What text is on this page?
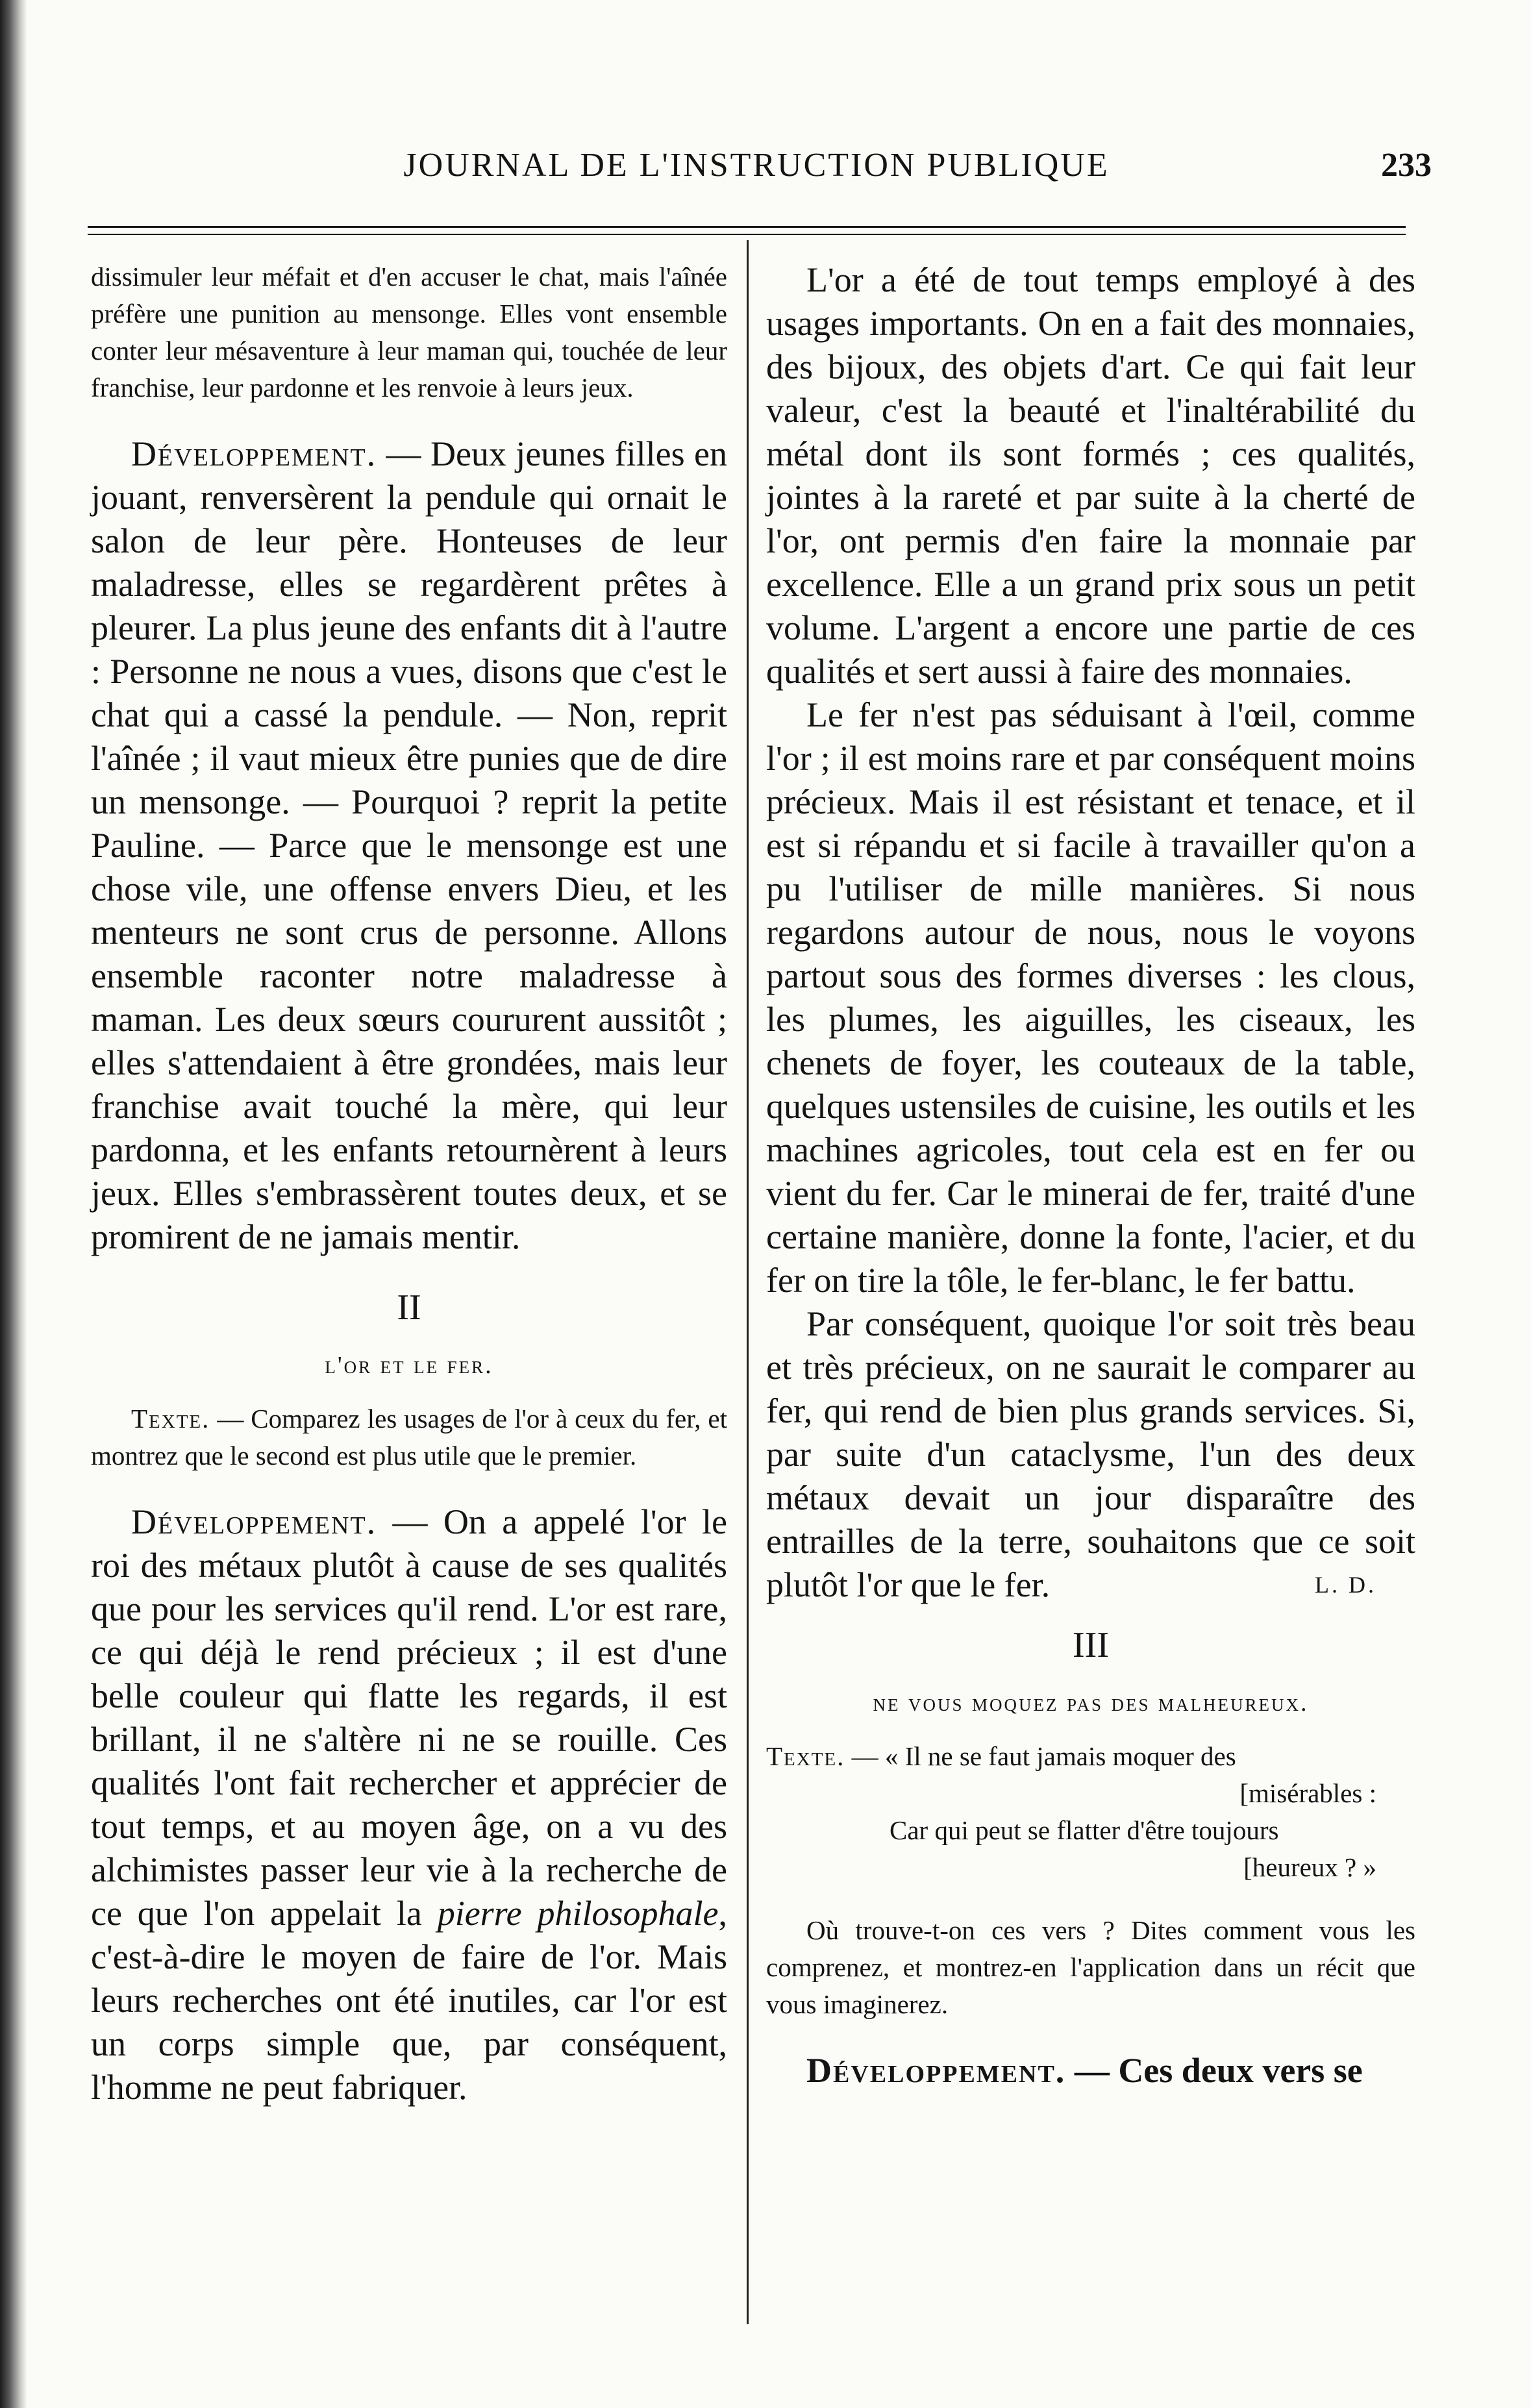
JOURNAL DE L'INSTRUCTION PUBLIQUE	233

dissimuler leur méfait et d'en accuser le chat, mais l'aînée préfère une punition au mensonge. Elles vont ensemble conter leur mésaventure à leur maman qui, touchée de leur franchise, leur pardonne et les renvoie à leurs jeux.

Développement. — Deux jeunes filles en jouant, renversèrent la pendule qui ornait le salon de leur père. Honteuses de leur maladresse, elles se regardèrent prêtes à pleurer. La plus jeune des enfants dit à l'autre : Personne ne nous a vues, disons que c'est le chat qui a cassé la pendule. — Non, reprit l'aînée ; il vaut mieux être punies que de dire un mensonge. — Pourquoi ? reprit la petite Pauline. — Parce que le mensonge est une chose vile, une offense envers Dieu, et les menteurs ne sont crus de personne. Allons ensemble raconter notre maladresse à maman. Les deux sœurs coururent aussitôt ; elles s'attendaient à être grondées, mais leur franchise avait touché la mère, qui leur pardonna, et les enfants retournèrent à leurs jeux. Elles s'embrassèrent toutes deux, et se promirent de ne jamais mentir.

II

l'or et le fer.

Texte. — Comparez les usages de l'or à ceux du fer, et montrez que le second est plus utile que le premier.

Développement. — On a appelé l'or le roi des métaux plutôt à cause de ses qualités que pour les services qu'il rend. L'or est rare, ce qui déjà le rend précieux ; il est d'une belle couleur qui flatte les regards, il est brillant, il ne s'altère ni ne se rouille. Ces qualités l'ont fait rechercher et apprécier de tout temps, et au moyen âge, on a vu des alchimistes passer leur vie à la recherche de ce que l'on appelait la pierre philosophale, c'est-à-dire le moyen de faire de l'or. Mais leurs recherches ont été inutiles, car l'or est un corps simple que, par conséquent, l'homme ne peut fabriquer.

L'or a été de tout temps employé à des usages importants. On en a fait des monnaies, des bijoux, des objets d'art. Ce qui fait leur valeur, c'est la beauté et l'inaltérabilité du métal dont ils sont formés ; ces qualités, jointes à la rareté et par suite à la cherté de l'or, ont permis d'en faire la monnaie par excellence. Elle a un grand prix sous un petit volume. L'argent a encore une partie de ces qualités et sert aussi à faire des monnaies.

Le fer n'est pas séduisant à l'œil, comme l'or ; il est moins rare et par conséquent moins précieux. Mais il est résistant et tenace, et il est si répandu et si facile à travailler qu'on a pu l'utiliser de mille manières. Si nous regardons autour de nous, nous le voyons partout sous des formes diverses : les clous, les plumes, les aiguilles, les ciseaux, les chenets de foyer, les couteaux de la table, quelques ustensiles de cuisine, les outils et les machines agricoles, tout cela est en fer ou vient du fer. Car le minerai de fer, traité d'une certaine manière, donne la fonte, l'acier, et du fer on tire la tôle, le fer-blanc, le fer battu.

Par conséquent, quoique l'or soit très beau et très précieux, on ne saurait le comparer au fer, qui rend de bien plus grands services. Si, par suite d'un cataclysme, l'un des deux métaux devait un jour disparaître des entrailles de la terre, souhaitons que ce soit plutôt l'or que le fer.	L. D.

III

ne vous moquez pas des malheureux.

Texte. — « Il ne se faut jamais moquer des
[misérables :
Car qui peut se flatter d'être toujours
[heureux ? »

Où trouve-t-on ces vers ? Dites comment vous les comprenez, et montrez-en l'application dans un récit que vous imaginerez.

Développement. — Ces deux vers se
